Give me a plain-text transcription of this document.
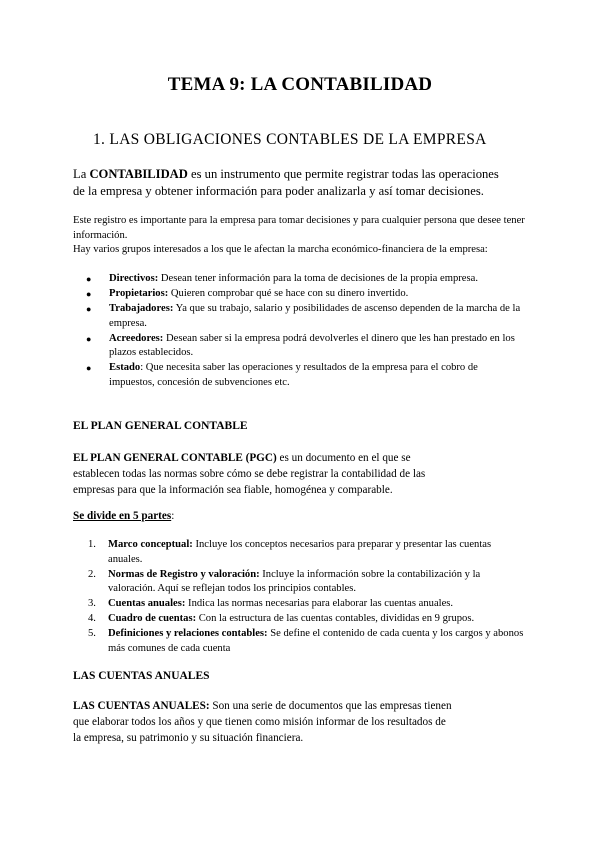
TEMA 9: LA CONTABILIDAD
1. LAS OBLIGACIONES CONTABLES DE LA EMPRESA

La CONTABILIDAD es un instrumento que permite registrar todas las operaciones de la empresa y obtener información para poder analizarla y así tomar decisiones.

Este registro es importante para la empresa para tomar decisiones y para cualquier persona que desee tener información.

Hay varios grupos interesados a los que le afectan la marcha económico-financiera de la empresa:

● Directivos: Desean tener información para la toma de decisiones de la propia empresa.
● Propietarios: Quieren comprobar qué se hace con su dinero invertido.
● Trabajadores: Ya que su trabajo, salario y posibilidades de ascenso dependen de la marcha de la empresa.
● Acreedores: Desean saber si la empresa podrá devolverles el dinero que les han prestado en los plazos establecidos.
● Estado: Que necesita saber las operaciones y resultados de la empresa para el cobro de impuestos, concesión de subvenciones etc.

EL PLAN GENERAL CONTABLE

EL PLAN GENERAL CONTABLE (PGC) es un documento en el que se establecen todas las normas sobre cómo se debe registrar la contabilidad de las empresas para que la información sea fiable, homogénea y comparable.

Se divide en 5 partes:

1. Marco conceptual: Incluye los conceptos necesarios para preparar y presentar las cuentas anuales.
2. Normas de Registro y valoración: Incluye la información sobre la contabilización y la valoración. Aquí se reflejan todos los principios contables.
3. Cuentas anuales: Indica las normas necesarias para elaborar las cuentas anuales.
4. Cuadro de cuentas: Con la estructura de las cuentas contables, divididas en 9 grupos.
5. Definiciones y relaciones contables: Se define el contenido de cada cuenta y los cargos y abonos más comunes de cada cuenta

LAS CUENTAS ANUALES

LAS CUENTAS ANUALES: Son una serie de documentos que las empresas tienen que elaborar todos los años y que tienen como misión informar de los resultados de la empresa, su patrimonio y su situación financiera.
